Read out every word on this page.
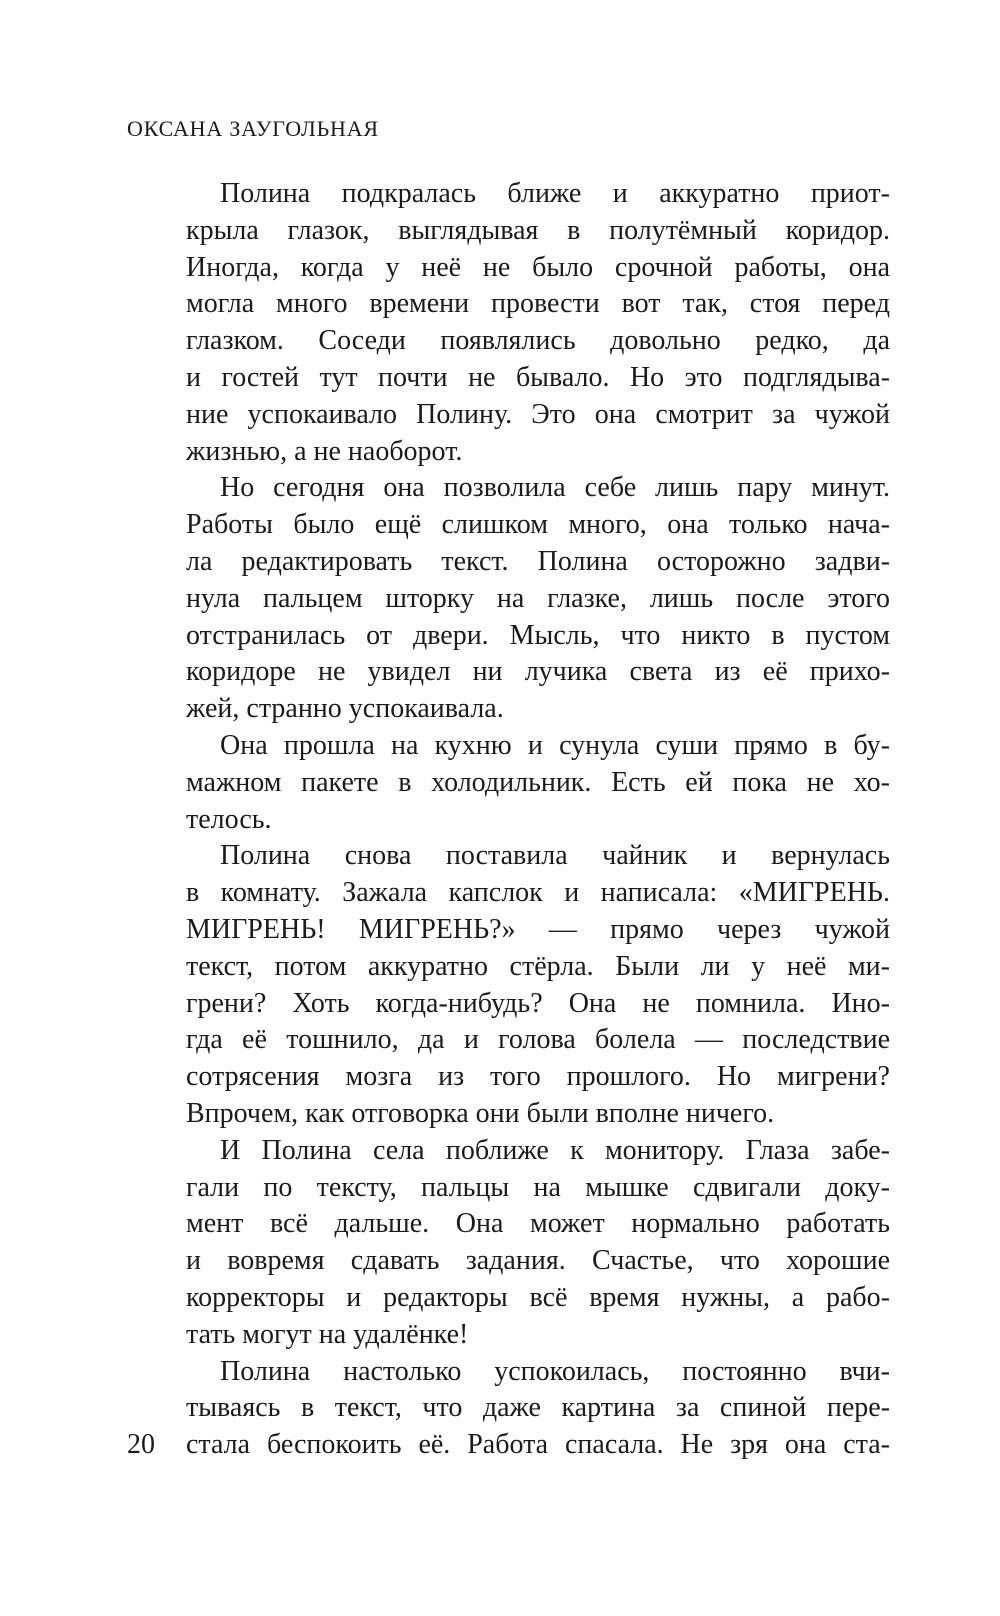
ОКСАНА ЗАУГОЛЬНАЯ
Полина подкралась ближе и аккуратно приот-
крыла глазок, выглядывая в полутёмный коридор.
Иногда, когда у неё не было срочной работы, она
могла много времени провести вот так, стоя перед
глазком. Соседи появлялись довольно редко, да
и гостей тут почти не бывало. Но это подглядыва-
ние успокаивало Полину. Это она смотрит за чужой
жизнью, а не наоборот.
Но сегодня она позволила себе лишь пару минут.
Работы было ещё слишком много, она только нача-
ла редактировать текст. Полина осторожно задви-
нула пальцем шторку на глазке, лишь после этого
отстранилась от двери. Мысль, что никто в пустом
коридоре не увидел ни лучика света из её прихо-
жей, странно успокаивала.
Она прошла на кухню и сунула суши прямо в бу-
мажном пакете в холодильник. Есть ей пока не хо-
телось.
Полина снова поставила чайник и вернулась
в комнату. Зажала капслок и написала: «МИГРЕНЬ.
МИГРЕНЬ! МИГРЕНЬ?» — прямо через чужой
текст, потом аккуратно стёрла. Были ли у неё ми-
грени? Хоть когда-нибудь? Она не помнила. Ино-
гда её тошнило, да и голова болела — последствие
сотрясения мозга из того прошлого. Но мигрени?
Впрочем, как отговорка они были вполне ничего.
И Полина села поближе к монитору. Глаза забе-
гали по тексту, пальцы на мышке сдвигали доку-
мент всё дальше. Она может нормально работать
и вовремя сдавать задания. Счастье, что хорошие
корректоры и редакторы всё время нужны, а рабо-
тать могут на удалёнке!
Полина настолько успокоилась, постоянно вчи-
тываясь в текст, что даже картина за спиной пере-
стала беспокоить её. Работа спасала. Не зря она ста-
20
